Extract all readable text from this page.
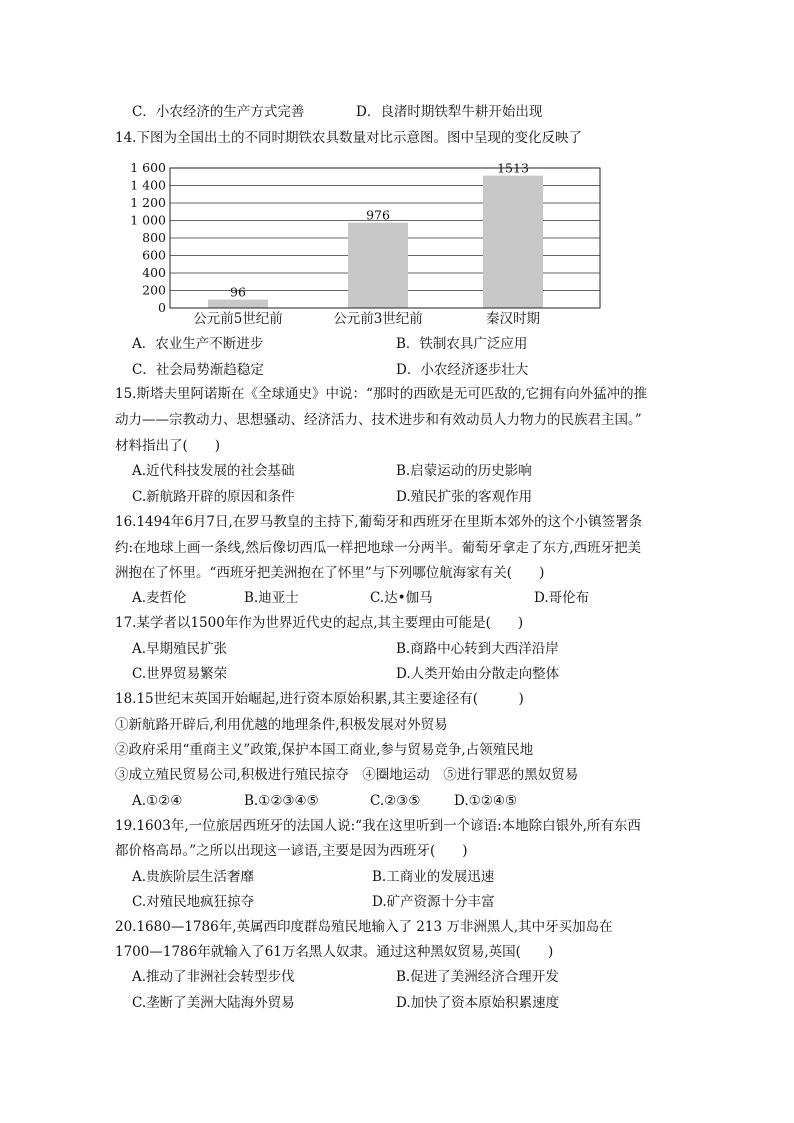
C．小农经济的生产方式完善	D．良渚时期铁犁牛耕开始出现
14.下图为全国出土的不同时期铁农具数量对比示意图。图中呈现的变化反映了
0
200
400
600
800
1 000
1 200
1 400
1 600
96
976
1513
公元前5世纪前	公元前3世纪前	秦汉时期
A．农业生产不断进步	B．铁制农具广泛应用
C．社会局势渐趋稳定	D．小农经济逐步壮大
15.斯塔夫里阿诺斯在《全球通史》中说：“那时的西欧是无可匹敌的,它拥有向外猛冲的推
动力——宗教动力、思想骚动、经济活力、技术进步和有效动员人力物力的民族君主国。”
材料指出了(　　)
A.近代科技发展的社会基础	B.启蒙运动的历史影响
C.新航路开辟的原因和条件	D.殖民扩张的客观作用
16.1494年6月7日,在罗马教皇的主持下,葡萄牙和西班牙在里斯本郊外的这个小镇签署条
约:在地球上画一条线,然后像切西瓜一样把地球一分两半。葡萄牙拿走了东方,西班牙把美
洲抱在了怀里。“西班牙把美洲抱在了怀里”与下列哪位航海家有关(　　)
A.麦哲伦	B.迪亚士	C.达•伽马	D.哥伦布
17.某学者以1500年作为世界近代史的起点,其主要理由可能是(　　)
A.早期殖民扩张	B.商路中心转到大西洋沿岸
C.世界贸易繁荣	D.人类开始由分散走向整体
18.15世纪末英国开始崛起,进行资本原始积累,其主要途径有(　　　)
①新航路开辟后,利用优越的地理条件,积极发展对外贸易
②政府采用“重商主义”政策,保护本国工商业,参与贸易竞争,占领殖民地
③成立殖民贸易公司,积极进行殖民掠夺　④圈地运动　⑤进行罪恶的黑奴贸易
A.①②④	B.①②③④⑤	C.②③⑤ D.①②④⑤
19.1603年,一位旅居西班牙的法国人说:“我在这里听到一个谚语:本地除白银外,所有东西
都价格高昂。”之所以出现这一谚语,主要是因为西班牙(　　)
A.贵族阶层生活奢靡	B.工商业的发展迅速
C.对殖民地疯狂掠夺	D.矿产资源十分丰富
20.1680—1786年,英属西印度群岛殖民地输入了 213 万非洲黑人,其中牙买加岛在
1700—1786年就输入了61万名黑人奴隶。通过这种黑奴贸易,英国(　　)
A.推动了非洲社会转型步伐	B.促进了美洲经济合理开发
C.垄断了美洲大陆海外贸易	D.加快了资本原始积累速度
